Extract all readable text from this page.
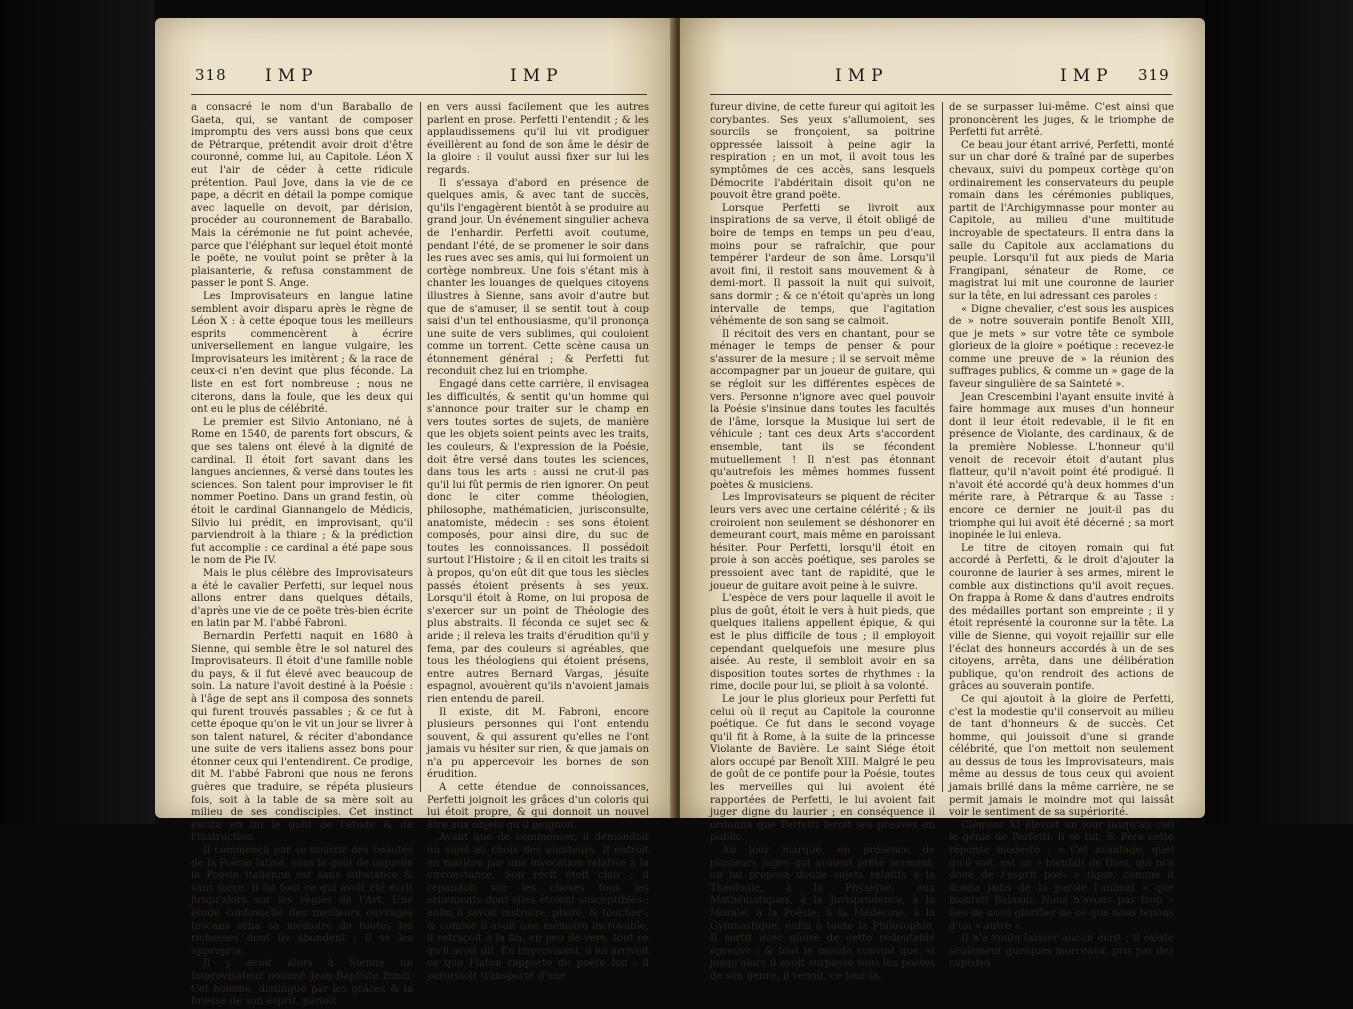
318 IMP	IMP

a consacré le nom d'un Baraballo de Gaeta, qui, se vantant de composer impromptu des vers aussi bons que ceux de Pétrarque, prétendit avoir droit d'être couronné, comme lui, au Capitole. Léon X eut l'air de céder à cette ridicule prétention. Paul Jove, dans la vie de ce pape, a décrit en détail la pompe comique avec laquelle on devoit, par dérision, procéder au couronnement de Baraballo. Mais la cérémonie ne fut point achevée, parce que l'éléphant sur lequel étoit monté le poëte, ne voulut point se prêter à la plaisanterie, & refusa constamment de passer le pont S. Ange.

Les Improvisateurs en langue latine semblent avoir disparu après le règne de Léon X : à cette époque tous les meilleurs esprits commencèrent à écrire universellement en langue vulgaire, les Improvisateurs les imitèrent ; & la race de ceux-ci n'en devint que plus féconde. La liste en est fort nombreuse ; nous ne citerons, dans la foule, que les deux qui ont eu le plus de célébrité.

Le premier est Silvio Antoniano, né à Rome en 1540, de parents fort obscurs, & que ses talens ont élevé à la dignité de cardinal. Il étoit fort savant dans les langues anciennes, & versé dans toutes les sciences. Son talent pour improviser le fit nommer Poetino. Dans un grand festin, où étoit le cardinal Giannangelo de Médicis, Silvio lui prédit, en improvisant, qu'il parviendroit à la thiare ; & la prédiction fut accomplie : ce cardinal a été pape sous le nom de Pie IV.

Mais le plus célèbre des Improvisateurs a été le cavalier Perfetti, sur lequel nous allons entrer dans quelques détails, d'après une vie de ce poëte très-bien écrite en latin par M. l'abbé Fabroni.

Bernardin Perfetti naquit en 1680 à Sienne, qui semble être le sol naturel des Improvisateurs. Il étoit d'une famille noble du pays, & il fut élevé avec beaucoup de soin. La nature l'avoit destiné à la Poésie : à l'âge de sept ans il composa des sonnets qui furent trouvés passables ; & ce fut à cette époque qu'on le vit un jour se livrer à son talent naturel, & réciter d'abondance une suite de vers italiens assez bons pour étonner ceux qui l'entendirent. Ce prodige, dit M. l'abbé Fabroni que nous ne ferons guères que traduire, se répéta plusieurs fois, soit à la table de sa mère soit au milieu de ses condisciples. Cet instinct excita en lui le goût de l'étude & de l'instruction.

Il commença par se nourrir des beautés de la Poésie latine, sans le goût de laquelle la Poésie italienne est sans substance & sans force. Il lut tout ce qui avoit été écrit jusqu'alors sur les règles de l'Art. Une étude continuelle des meilleurs ouvrages toscans orna sa mémoire de toutes les richesses dont ils abondent ; il se les appropria.

Il y avoit alors à Sienne un Improvisateur nommé Jean-Baptiste Bindi. Cet homme, distingué par les grâces & la finesse de son esprit, parloit

en vers aussi facilement que les autres parlent en prose. Perfetti l'entendit ; & les applaudissemens qu'il lui vit prodiguer éveillèrent au fond de son âme le désir de la gloire : il voulut aussi fixer sur lui les regards.

Il s'essaya d'abord en présence de quelques amis, & avec tant de succès, qu'ils l'engagèrent bientôt à se produire au grand jour. Un événement singulier acheva de l'enhardir. Perfetti avoit coutume, pendant l'été, de se promener le soir dans les rues avec ses amis, qui lui formoient un cortège nombreux. Une fois s'étant mis à chanter les louanges de quelques citoyens illustres à Sienne, sans avoir d'autre but que de s'amuser, il se sentit tout à coup saisi d'un tel enthousiasme, qu'il prononça une suite de vers sublimes, qui couloient comme un torrent. Cette scène causa un étonnement général ; & Perfetti fut reconduit chez lui en triomphe.

Engagé dans cette carrière, il envisagea les difficultés, & sentit qu'un homme qui s'annonce pour traiter sur le champ en vers toutes sortes de sujets, de manière que les objets soient peints avec les traits, les couleurs, & l'expression de la Poésie, doit être versé dans toutes les sciences, dans tous les arts : aussi ne crut-il pas qu'il lui fût permis de rien ignorer. On peut donc le citer comme théologien, philosophe, mathématicien, jurisconsulte, anatomiste, médecin : ses sons étoient composés, pour ainsi dire, du suc de toutes les connoissances. Il possédoit surtout l'Histoire ; & il en citoit les traits si à propos, qu'on eût dit que tous les siècles passés étoient présents à ses yeux. Lorsqu'il étoit à Rome, on lui proposa de s'exercer sur un point de Théologie des plus abstraits. Il féconda ce sujet sec & aride ; il releva les traits d'érudition qu'il y fema, par des couleurs si agréables, que tous les théologiens qui étoient présens, entre autres Bernard Vargas, jésuite espagnol, avouèrent qu'ils n'avoient jamais rien entendu de pareil.

Il existe, dit M. Fabroni, encore plusieurs personnes qui l'ont entendu souvent, & qui assurent qu'elles ne l'ont jamais vu hésiter sur rien, & que jamais on n'a pu appercevoir les bornes de son érudition.

A cette étendue de connoissances, Perfetti joignoit les grâces d'un coloris qui lui étoit propre, & qui donnoit un nouvel être aux objets qu'il peignoit.

Avant que de commencer, il demandoit un sujet au choix des auditeurs. Il entroit en matière par une invocation relative à la circonstance. Son récit étoit clair ; il répandoit sur les choses tous les ornements dont elles étoient susceptibles ; enfin il savoit instruire, plaire, & toucher ; & comme il avoit une mémoire incroyable, il retraçoit à la fin, en peu de vers, tout ce qu'il avoit dit. En improvisant, il lui arrivoit ce que Platon rapporte du poëte Ion : il paroissoit transporté d'une

IMP	IMP 319

fureur divine, de cette fureur qui agitoit les corybantes. Ses yeux s'allumoient, ses sourcils se fronçoient, sa poitrine oppressée laissoit à peine agir la respiration ; en un mot, il avoit tous les symptômes de ces accès, sans lesquels Démocrite l'abdéritain disoit qu'on ne pouvoit être grand poëte.

Lorsque Perfetti se livroit aux inspirations de sa verve, il étoit obligé de boire de temps en temps un peu d'eau, moins pour se rafraîchir, que pour tempérer l'ardeur de son âme. Lorsqu'il avoit fini, il restoit sans mouvement & à demi-mort. Il passoit la nuit qui suivoit, sans dormir ; & ce n'étoit qu'après un long intervalle de temps, que l'agitation véhémente de son sang se calmoit.

Il récitoit des vers en chantant, pour se ménager le temps de penser & pour s'assurer de la mesure ; il se servoit même accompagner par un joueur de guitare, qui se régloit sur les différentes espèces de vers. Personne n'ignore avec quel pouvoir la Poésie s'insinue dans toutes les facultés de l'âme, lorsque la Musique lui sert de véhicule ; tant ces deux Arts s'accordent ensemble, tant ils se fécondent mutuellement ! Il n'est pas étonnant qu'autrefois les mêmes hommes fussent poètes & musiciens.

Les Improvisateurs se piquent de réciter leurs vers avec une certaine célérité ; & ils croiroient non seulement se déshonorer en demeurant court, mais même en paroissant hésiter. Pour Perfetti, lorsqu'il étoit en proie à son accès poétique, ses paroles se pressoient avec tant de rapidité, que le joueur de guitare avoit peine à le suivre.

L'espèce de vers pour laquelle il avoit le plus de goût, étoit le vers à huit pieds, que quelques italiens appellent épique, & qui est le plus difficile de tous ; il employoit cependant quelquefois une mesure plus aisée. Au reste, il sembloit avoir en sa disposition toutes sortes de rhythmes : la rime, docile pour lui, se plioit à sa volonté.

Le jour le plus glorieux pour Perfetti fut celui où il reçut au Capitole la couronne poétique. Ce fut dans le second voyage qu'il fit à Rome, à la suite de la princesse Violante de Bavière. Le saint Siége étoit alors occupé par Benoît XIII. Malgré le peu de goût de ce pontife pour la Poésie, toutes les merveilles qui lui avoient été rapportées de Perfetti, le lui avoient fait juger digne du laurier ; en conséquence il ordonna que Perfetti feroit ses preuves en public.

Au jour marqué, en présence de plusieurs juges qui avoient prêté serment, on lui proposa douze sujets relatifs à la Théologie, à la Physique, aux Mathématiques, à la Jurisprudence, à la Morale, à la Poésie, à la Médecine, à la Gymnastique, enfin à toute la Philosophie. Il sortit avec gloire de cette redoutable épreuve ; & tout le monde convint que, si jusqu'alors il avoit surpassé tous les poètes de son genre, il venoit, ce jour-là,

de se surpasser lui-même. C'est ainsi que prononcèrent les juges, & le triomphe de Perfetti fut arrêté.

Ce beau jour étant arrivé, Perfetti, monté sur un char doré & traîné par de superbes chevaux, suivi du pompeux cortège qu'on ordinairement les conservateurs du peuple romain dans les cérémonies publiques, partit de l'Archigymnasse pour monter au Capitole, au milieu d'une multitude incroyable de spectateurs. Il entra dans la salle du Capitole aux acclamations du peuple. Lorsqu'il fut aux pieds de Maria Frangipani, sénateur de Rome, ce magistrat lui mit une couronne de laurier sur la tête, en lui adressant ces paroles :

« Digne chevalier, c'est sous les auspices de » notre souverain pontife Benoît XIII, que je mets » sur votre tête ce symbole glorieux de la gloire » poétique : recevez-le comme une preuve de » la réunion des suffrages publics, & comme un » gage de la faveur singulière de sa Sainteté ».

Jean Crescembini l'ayant ensuite invité à faire hommage aux muses d'un honneur dont il leur étoit redevable, il le fit en présence de Violante, des cardinaux, & de la première Noblesse. L'honneur qu'il venoit de recevoir étoit d'autant plus flatteur, qu'il n'avoit point été prodigué. Il n'avoit été accordé qu'à deux hommes d'un mérite rare, à Pétrarque & au Tasse : encore ce dernier ne jouit-il pas du triomphe qui lui avoit été décerné ; sa mort inopinée le lui enleva.

Le titre de citoyen romain qui fut accordé à Perfetti, & le droit d'ajouter la couronne de laurier à ses armes, mirent le comble aux distinctions qu'il avoit reçues. On frappa à Rome & dans d'autres endroits des médailles portant son empreinte ; il y étoit représenté la couronne sur la tête. La ville de Sienne, qui voyoit rejaillir sur elle l'éclat des honneurs accordés à un de ses citoyens, arrêta, dans une délibération publique, qu'on rendroit des actions de grâces au souverain pontife.

Ce qui ajoutoit à la gloire de Perfetti, c'est la modestie qu'il conservoit au milieu de tant d'honneurs & de succès. Cet homme, qui jouissoit d'une si grande célébrité, que l'on mettoit non seulement au dessus de tous les Improvisateurs, mais même au dessus de tous ceux qui avoient jamais brillé dans la même carrière, ne se permit jamais le moindre mot qui laissât voir le sentiment de sa supériorité.

Clément XI élevoit un jour jusqu'au ciel le génie de Perfetti. Il se tut, S. Père cette réponse modeste : « Cet avantage, quel qu'il soit, est un » bienfait de Dieu, qui m'a doué de l'esprit poé- » tique, comme il donna jadis de la parole l'animal » que montoit Balaam. Nous n'avons pas trop » lieu de nous glorifier de ce que nous tenons d'un » autre ».

Il n'a voulu laisser aucun écrit ; il existe seulement quelques morceaux, pris par des copistes
